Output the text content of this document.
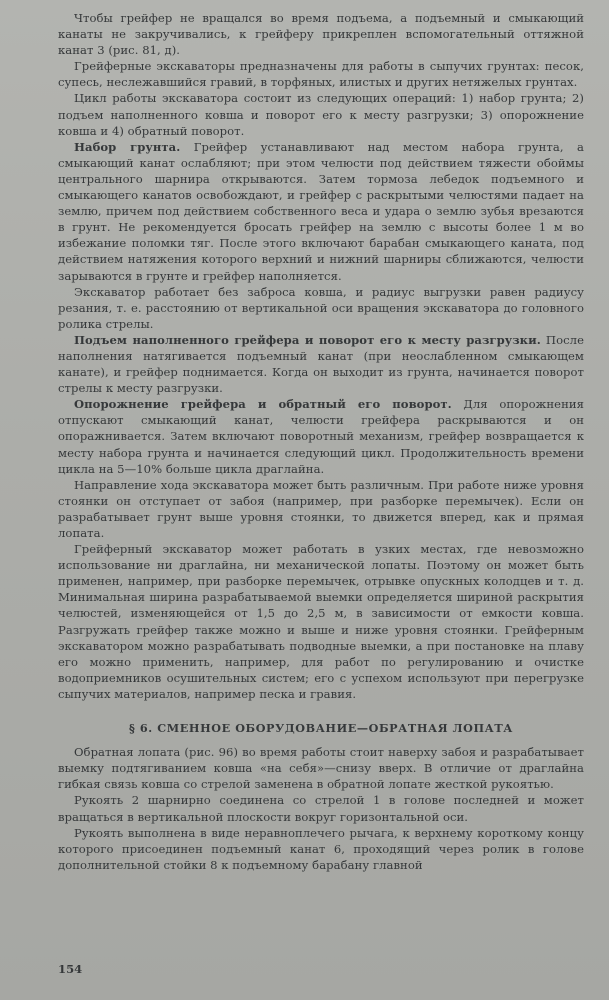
Чтобы грейфер не вращался во время подъема, а подъемный и смыкающий канаты не закручивались, к грейферу прикреплен вспомогательный оттяжной канат 3 (рис. 81, д).

Грейферные экскаваторы предназначены для работы в сыпучих грунтах: песок, супесь, неслежавшийся гравий, в торфяных, илистых и других нетяжелых грунтах.

Цикл работы экскаватора состоит из следующих операций: 1) набор грунта; 2) подъем наполненного ковша и поворот его к месту разгрузки; 3) опорожнение ковша и 4) обратный поворот.

Набор грунта. Грейфер устанавливают над местом набора грунта, а смыкающий канат ослабляют; при этом челюсти под действием тяжести обоймы центрального шарнира открываются. Затем тормоза лебедок подъемного и смыкающего канатов освобождают, и грейфер с раскрытыми челюстями падает на землю, причем под действием собственного веса и удара о землю зубья врезаются в грунт. Не рекомендуется бросать грейфер на землю с высоты более 1 м во избежание поломки тяг. После этого включают барабан смыкающего каната, под действием натяжения которого верхний и нижний шарниры сближаются, челюсти зарываются в грунте и грейфер наполняется.

Экскаватор работает без заброса ковша, и радиус выгрузки равен радиусу резания, т. е. расстоянию от вертикальной оси вращения экскаватора до головного ролика стрелы.

Подъем наполненного грейфера и поворот его к месту разгрузки. После наполнения натягивается подъемный канат (при неослабленном смыкающем канате), и грейфер поднимается. Когда он выходит из грунта, начинается поворот стрелы к месту разгрузки.

Опорожнение грейфера и обратный его поворот. Для опорожнения отпускают смыкающий канат, челюсти грейфера раскрываются и он опоражнивается. Затем включают поворотный механизм, грейфер возвращается к месту набора грунта и начинается следующий цикл. Продолжительность времени цикла на 5—10% больше цикла драглайна.

Направление хода экскаватора может быть различным. При работе ниже уровня стоянки он отступает от забоя (например, при разборке перемычек). Если он разрабатывает грунт выше уровня стоянки, то движется вперед, как и прямая лопата.

Грейферный экскаватор может работать в узких местах, где невозможно использование ни драглайна, ни механической лопаты. Поэтому он может быть применен, например, при разборке перемычек, отрывке опускных колодцев и т. д. Минимальная ширина разрабатываемой выемки определяется шириной раскрытия челюстей, изменяющейся от 1,5 до 2,5 м, в зависимости от емкости ковша. Разгружать грейфер также можно и выше и ниже уровня стоянки. Грейферным экскаватором можно разрабатывать подводные выемки, а при постановке на плаву его можно применить, например, для работ по регулированию и очистке водоприемников осушительных систем; его с успехом используют при перегрузке сыпучих материалов, например песка и гравия.

§ 6. СМЕННОЕ ОБОРУДОВАНИЕ—ОБРАТНАЯ ЛОПАТА

Обратная лопата (рис. 96) во время работы стоит наверху забоя и разрабатывает выемку подтягиванием ковша «на себя»—снизу вверх. В отличие от драглайна гибкая связь ковша со стрелой заменена в обратной лопате жесткой рукоятью.

Рукоять 2 шарнирно соединена со стрелой 1 в голове последней и может вращаться в вертикальной плоскости вокруг горизонтальной оси.

Рукоять выполнена в виде неравноплечего рычага, к верхнему короткому концу которого присоединен подъемный канат 6, проходящий через ролик в голове дополнительной стойки 8 к подъемному барабану главной

154
